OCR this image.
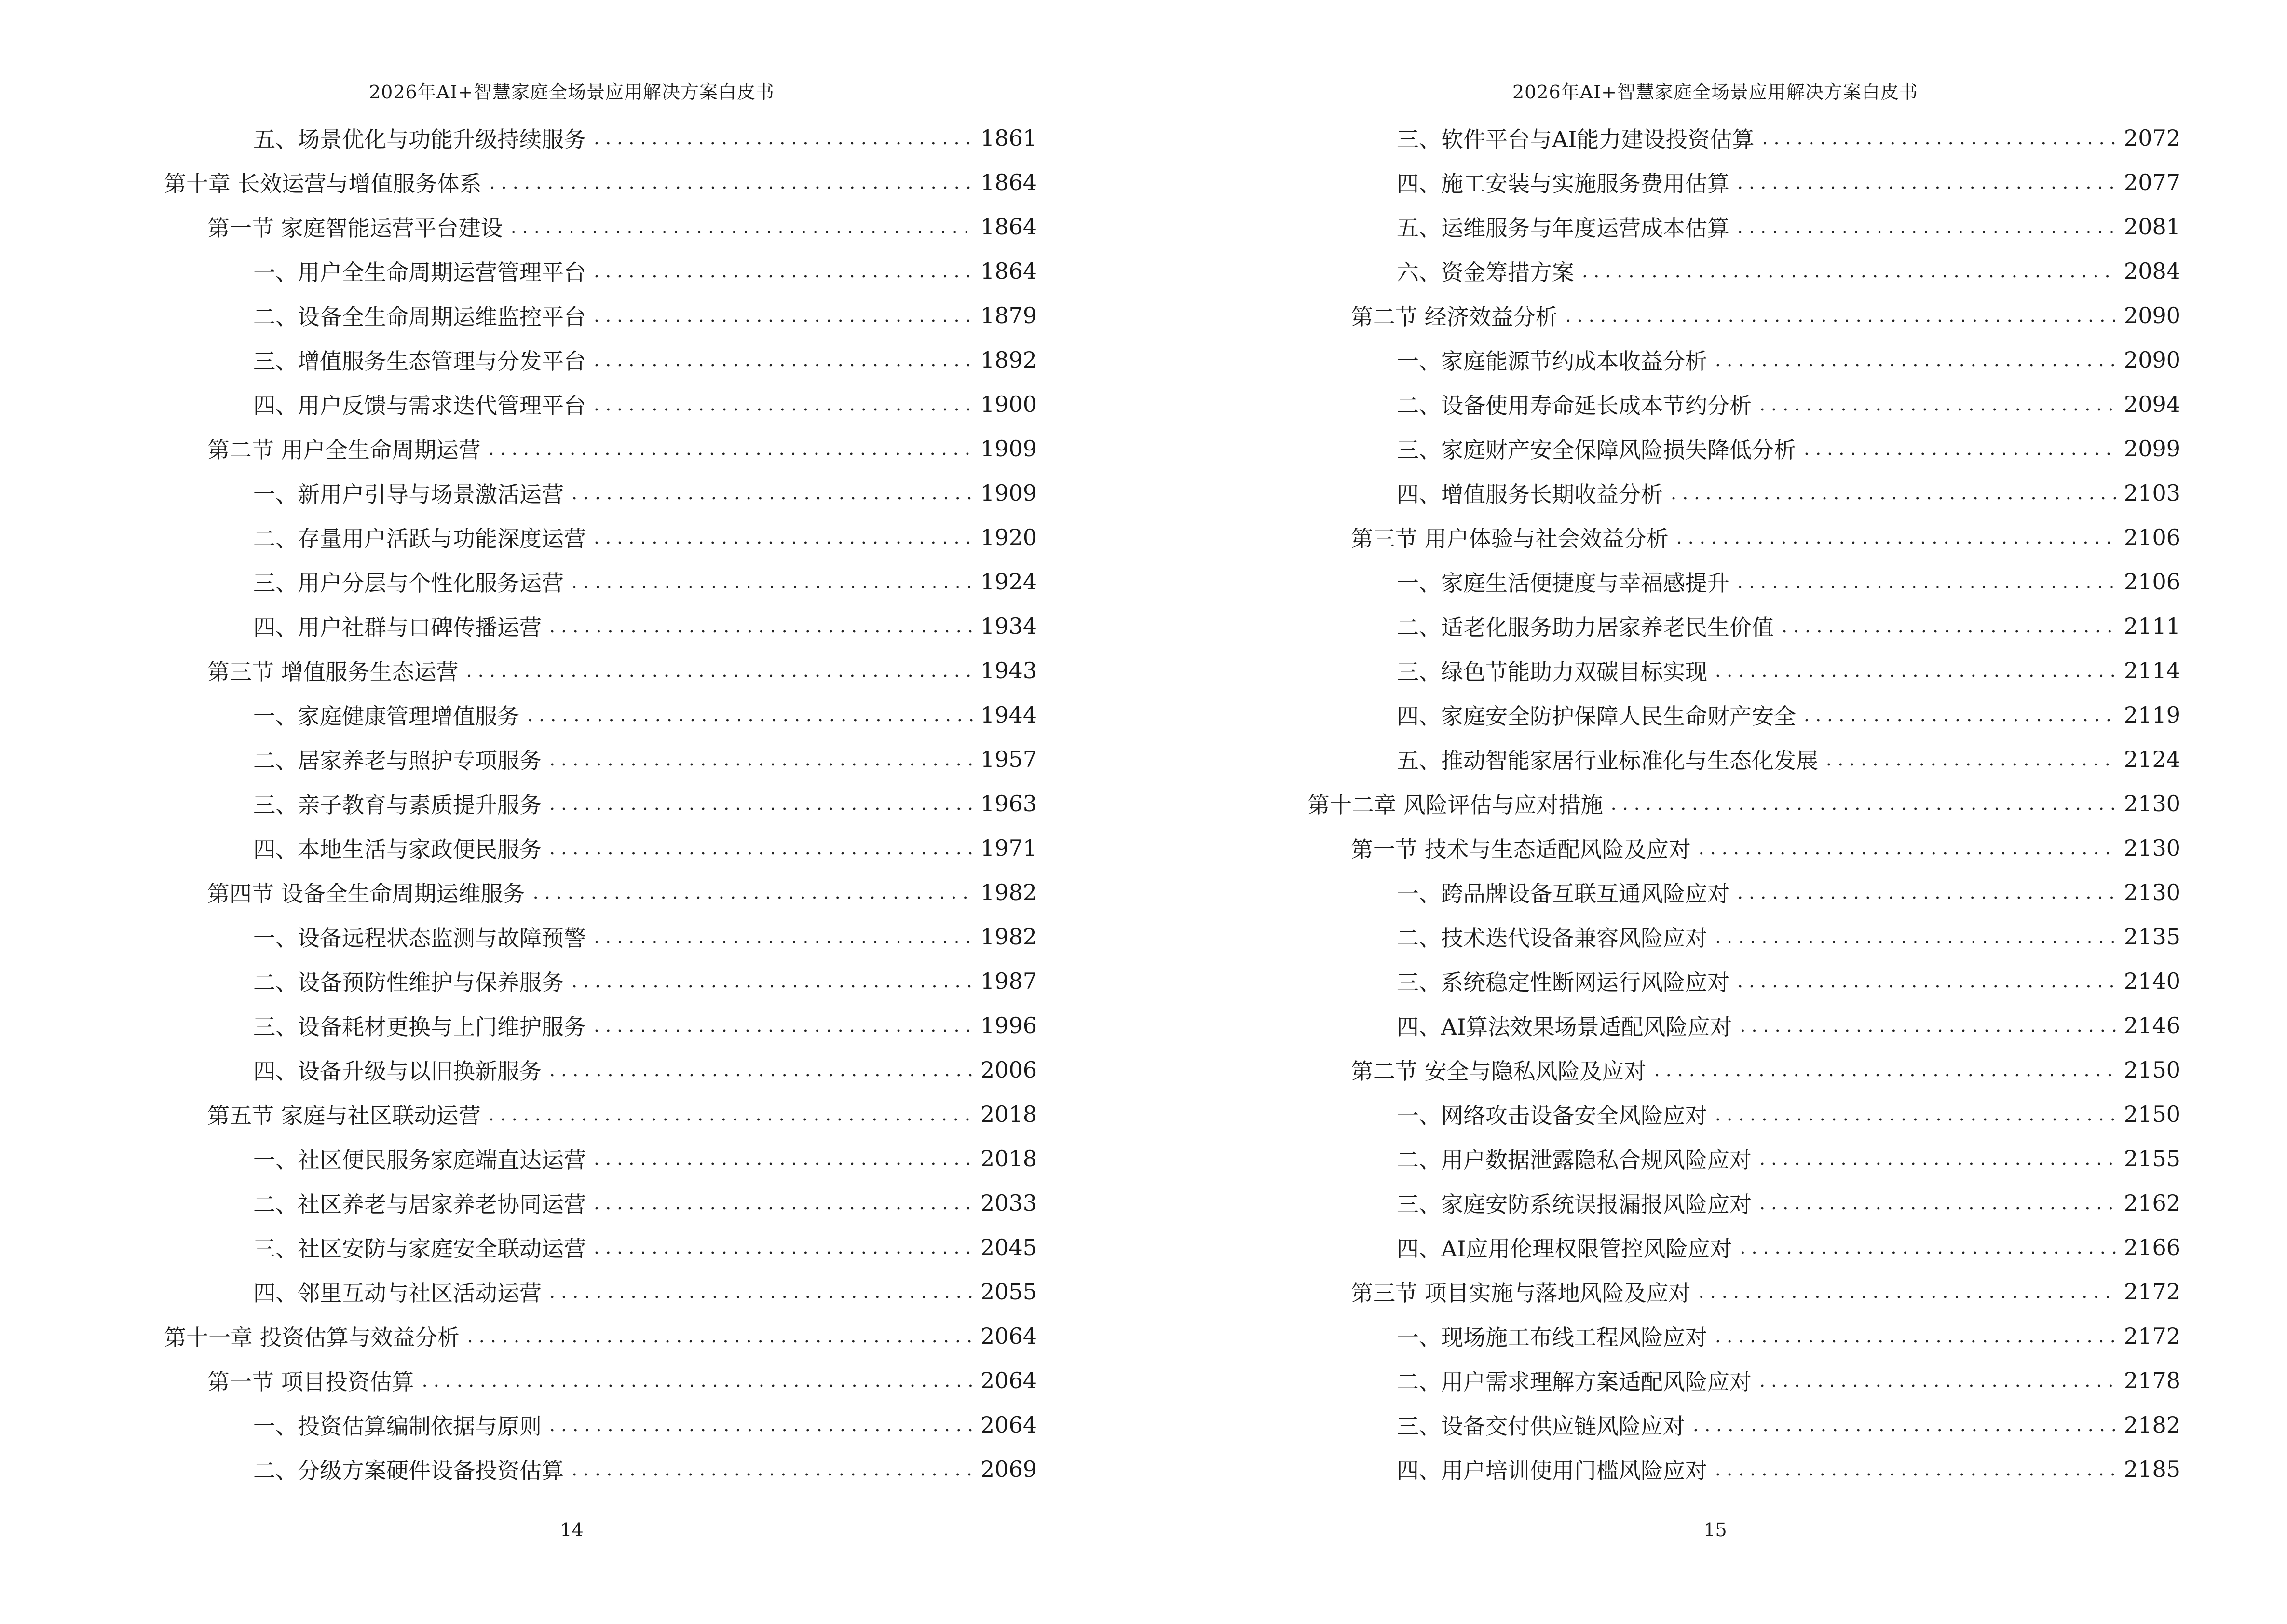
2026年AI+智慧家庭全场景应用解决方案白皮书
五、场景优化与功能升级持续服务 .....	1861
第十章 长效运营与增值服务体系 .....	1864
第一节 家庭智能运营平台建设 .....	1864
一、用户全生命周期运营管理平台 .....	1864
二、设备全生命周期运维监控平台 .....	1879
三、增值服务生态管理与分发平台 .....	1892
四、用户反馈与需求迭代管理平台 .....	1900
第二节 用户全生命周期运营 .....	1909
一、新用户引导与场景激活运营 .....	1909
二、存量用户活跃与功能深度运营 .....	1920
三、用户分层与个性化服务运营 .....	1924
四、用户社群与口碑传播运营 .....	1934
第三节 增值服务生态运营 .....	1943
一、家庭健康管理增值服务 .....	1944
二、居家养老与照护专项服务 .....	1957
三、亲子教育与素质提升服务 .....	1963
四、本地生活与家政便民服务 .....	1971
第四节 设备全生命周期运维服务 .....	1982
一、设备远程状态监测与故障预警 .....	1982
二、设备预防性维护与保养服务 .....	1987
三、设备耗材更换与上门维护服务 .....	1996
四、设备升级与以旧换新服务 .....	2006
第五节 家庭与社区联动运营 .....	2018
一、社区便民服务家庭端直达运营 .....	2018
二、社区养老与居家养老协同运营 .....	2033
三、社区安防与家庭安全联动运营 .....	2045
四、邻里互动与社区活动运营 .....	2055
第十一章 投资估算与效益分析 .....	2064
第一节 项目投资估算 .....	2064
一、投资估算编制依据与原则 .....	2064
二、分级方案硬件设备投资估算 .....	2069
14
2026年AI+智慧家庭全场景应用解决方案白皮书
三、软件平台与AI能力建设投资估算 .....	2072
四、施工安装与实施服务费用估算 .....	2077
五、运维服务与年度运营成本估算 .....	2081
六、资金筹措方案 .....	2084
第二节 经济效益分析 .....	2090
一、家庭能源节约成本收益分析 .....	2090
二、设备使用寿命延长成本节约分析 .....	2094
三、家庭财产安全保障风险损失降低分析 .....	2099
四、增值服务长期收益分析 .....	2103
第三节 用户体验与社会效益分析 .....	2106
一、家庭生活便捷度与幸福感提升 .....	2106
二、适老化服务助力居家养老民生价值 .....	2111
三、绿色节能助力双碳目标实现 .....	2114
四、家庭安全防护保障人民生命财产安全 .....	2119
五、推动智能家居行业标准化与生态化发展 .....	2124
第十二章 风险评估与应对措施 .....	2130
第一节 技术与生态适配风险及应对 .....	2130
一、跨品牌设备互联互通风险应对 .....	2130
二、技术迭代设备兼容风险应对 .....	2135
三、系统稳定性断网运行风险应对 .....	2140
四、AI算法效果场景适配风险应对 .....	2146
第二节 安全与隐私风险及应对 .....	2150
一、网络攻击设备安全风险应对 .....	2150
二、用户数据泄露隐私合规风险应对 .....	2155
三、家庭安防系统误报漏报风险应对 .....	2162
四、AI应用伦理权限管控风险应对 .....	2166
第三节 项目实施与落地风险及应对 .....	2172
一、现场施工布线工程风险应对 .....	2172
二、用户需求理解方案适配风险应对 .....	2178
三、设备交付供应链风险应对 .....	2182
四、用户培训使用门槛风险应对 .....	2185
15
